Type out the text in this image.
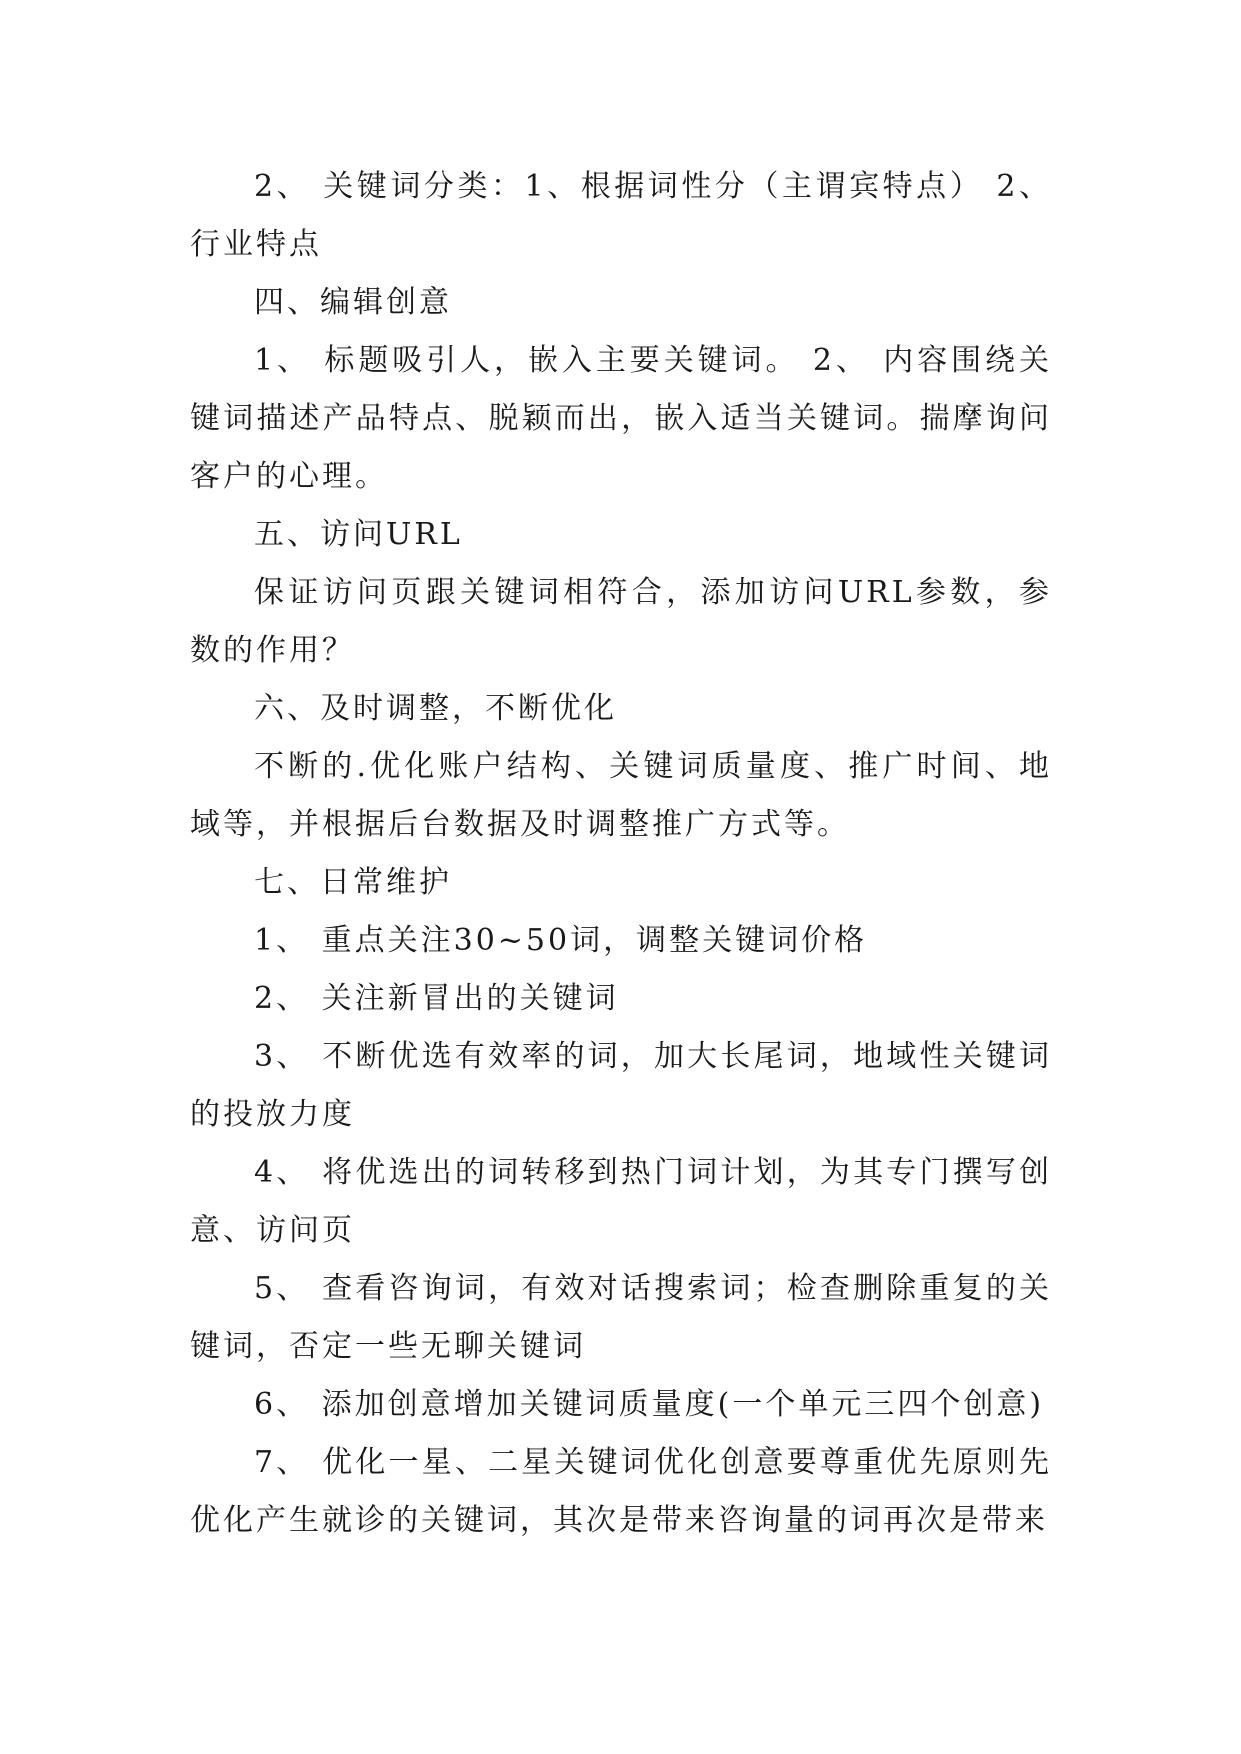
2、 关键词分类：1、根据词性分（主谓宾特点） 2、行业特点

四、编辑创意

1、 标题吸引人，嵌入主要关键词。 2、 内容围绕关键词描述产品特点、脱颖而出，嵌入适当关键词。揣摩询问客户的心理。

五、访问URL

保证访问页跟关键词相符合，添加访问URL参数，参数的作用？

六、及时调整，不断优化

不断的.优化账户结构、关键词质量度、推广时间、地域等，并根据后台数据及时调整推广方式等。

七、日常维护

1、 重点关注30~50词，调整关键词价格

2、 关注新冒出的关键词

3、 不断优选有效率的词，加大长尾词，地域性关键词的投放力度

4、 将优选出的词转移到热门词计划，为其专门撰写创意、访问页

5、 查看咨询词，有效对话搜索词；检查删除重复的关键词，否定一些无聊关键词

6、 添加创意增加关键词质量度(一个单元三四个创意)

7、 优化一星、二星关键词优化创意要尊重优先原则先优化产生就诊的关键词，其次是带来咨询量的词再次是带来
